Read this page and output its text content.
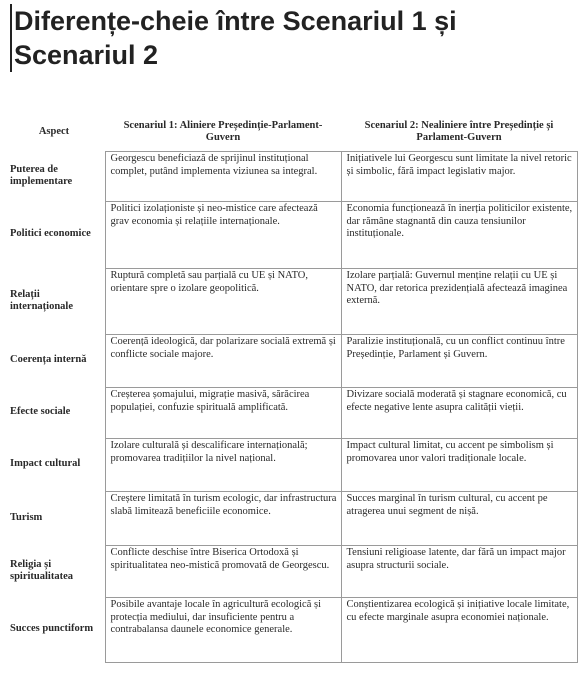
Diferențe-cheie între Scenariul 1 și Scenariul 2
Aspect	Scenariul 1: Aliniere Președinție-Parlament-Guvern	Scenariul 2: Nealiniere între Președinție și Parlament-Guvern
Puterea de implementare	Georgescu beneficiază de sprijinul instituțional complet, putând implementa viziunea sa integral.	Inițiativele lui Georgescu sunt limitate la nivel retoric și simbolic, fără impact legislativ major.
Politici economice	Politici izolaționiste și neo-mistice care afectează grav economia și relațiile internaționale.	Economia funcționează în inerția politicilor existente, dar rămâne stagnantă din cauza tensiunilor instituționale.
Relații internaționale	Ruptură completă sau parțială cu UE și NATO, orientare spre o izolare geopolitică.	Izolare parțială: Guvernul menține relații cu UE și NATO, dar retorica prezidențială afectează imaginea externă.
Coerența internă	Coerență ideologică, dar polarizare socială extremă și conflicte sociale majore.	Paralizie instituțională, cu un conflict continuu între Președinție, Parlament și Guvern.
Efecte sociale	Creșterea șomajului, migrație masivă, sărăcirea populației, confuzie spirituală amplificată.	Divizare socială moderată și stagnare economică, cu efecte negative lente asupra calității vieții.
Impact cultural	Izolare culturală și descalificare internațională; promovarea tradițiilor la nivel național.	Impact cultural limitat, cu accent pe simbolism și promovarea unor valori tradiționale locale.
Turism	Creștere limitată în turism ecologic, dar infrastructura slabă limitează beneficiile economice.	Succes marginal în turism cultural, cu accent pe atragerea unui segment de nișă.
Religia și spiritualitatea	Conflicte deschise între Biserica Ortodoxă și spiritualitatea neo-mistică promovată de Georgescu.	Tensiuni religioase latente, dar fără un impact major asupra structurii sociale.
Succes punctiform	Posibile avantaje locale în agricultură ecologică și protecția mediului, dar insuficiente pentru a contrabalansa daunele economice generale.	Conștientizarea ecologică și inițiative locale limitate, cu efecte marginale asupra economiei naționale.
